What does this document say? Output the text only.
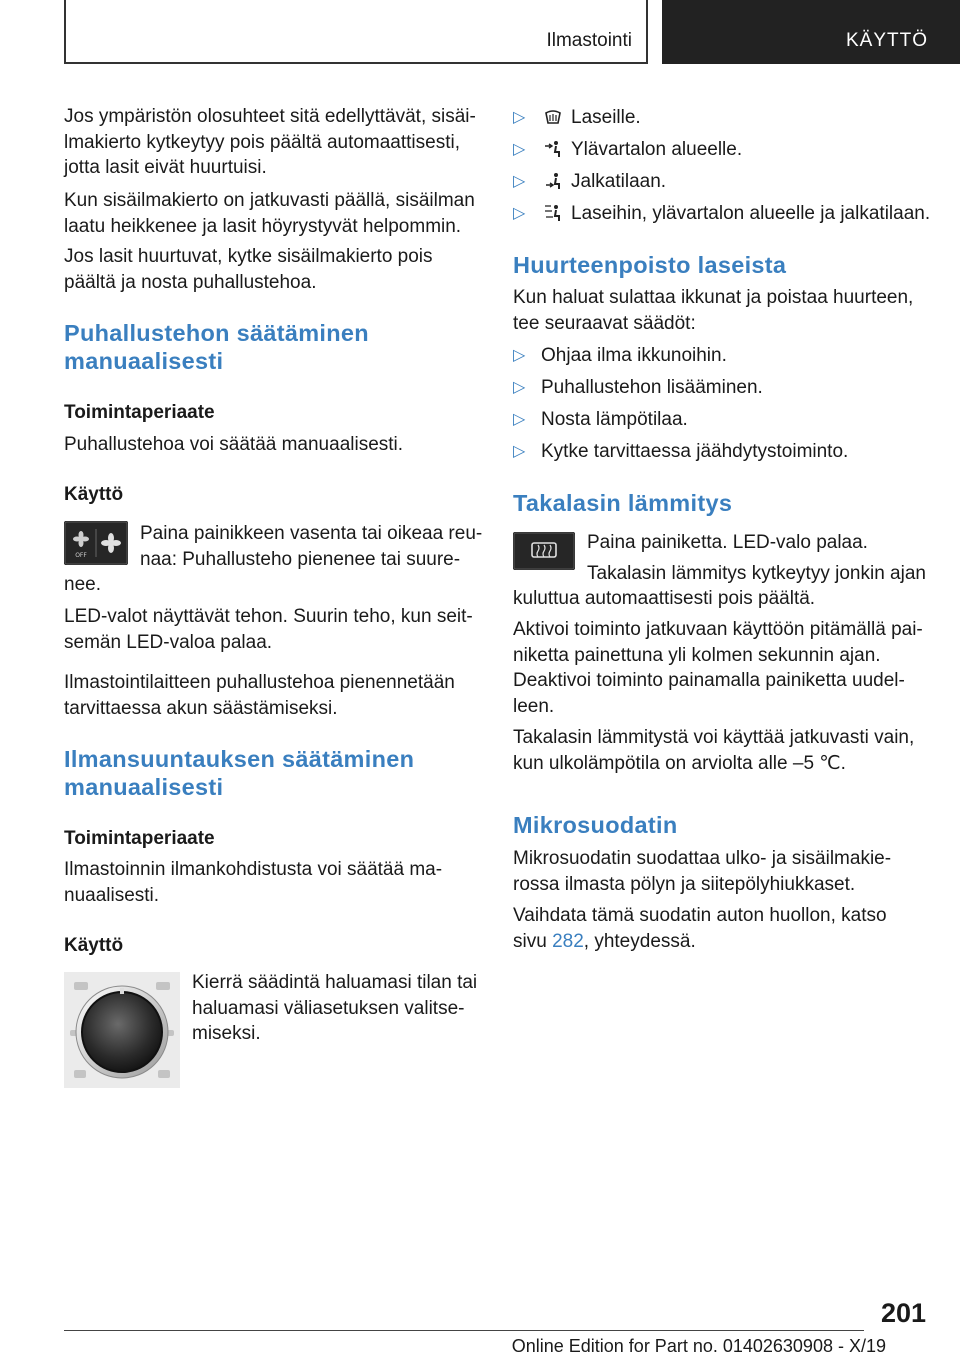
Ilmastointi	KÄYTTÖ
Jos ympäristön olosuhteet sitä edellyttävät, sisäi-
lmakierto kytkeytyy pois päältä automaattisesti,
jotta lasit eivät huurtuisi.
Kun sisäilmakierto on jatkuvasti päällä, sisäilman
laatu heikkenee ja lasit höyrystyvät helpommin.
Jos lasit huurtuvat, kytke sisäilmakierto pois
päältä ja nosta puhallustehoa.
Puhallustehon säätäminen
manuaalisesti
Toimintaperiaate
Puhallustehoa voi säätää manuaalisesti.
Käyttö
OFF
Paina painikkeen vasenta tai oikeaa reu-
naa: Puhallusteho pienenee tai suure-
nee.
LED-valot näyttävät tehon. Suurin teho, kun seit-
semän LED-valoa palaa.
Ilmastointilaitteen puhallustehoa pienennetään
tarvittaessa akun säästämiseksi.
Ilmansuuntauksen säätäminen
manuaalisesti
Toimintaperiaate
Ilmastoinnin ilmankohdistusta voi säätää ma-
nuaalisesti.
Käyttö
Kierrä säädintä haluamasi tilan tai
haluamasi väliasetuksen valitse-
miseksi.
▷ Laseille.
▷ Ylävartalon alueelle.
▷ Jalkatilaan.
▷ Laseihin, ylävartalon alueelle ja jalkatilaan.
Huurteenpoisto laseista
Kun haluat sulattaa ikkunat ja poistaa huurteen,
tee seuraavat säädöt:
▷ Ohjaa ilma ikkunoihin.
▷ Puhallustehon lisääminen.
▷ Nosta lämpötilaa.
▷ Kytke tarvittaessa jäähdytystoiminto.
Takalasin lämmitys
Paina painiketta. LED-valo palaa.
Takalasin lämmitys kytkeytyy jonkin ajan
kuluttua automaattisesti pois päältä.
Aktivoi toiminto jatkuvaan käyttöön pitämällä pai-
niketta painettuna yli kolmen sekunnin ajan.
Deaktivoi toiminto painamalla painiketta uudel-
leen.
Takalasin lämmitystä voi käyttää jatkuvasti vain,
kun ulkolämpötila on arviolta alle –5 ℃.
Mikrosuodatin
Mikrosuodatin suodattaa ulko- ja sisäilmakie-
rossa ilmasta pölyn ja siitepölyhiukkaset.
Vaihdata tämä suodatin auton huollon, katso
sivu 282, yhteydessä.
201
Online Edition for Part no. 01402630908 - X/19
